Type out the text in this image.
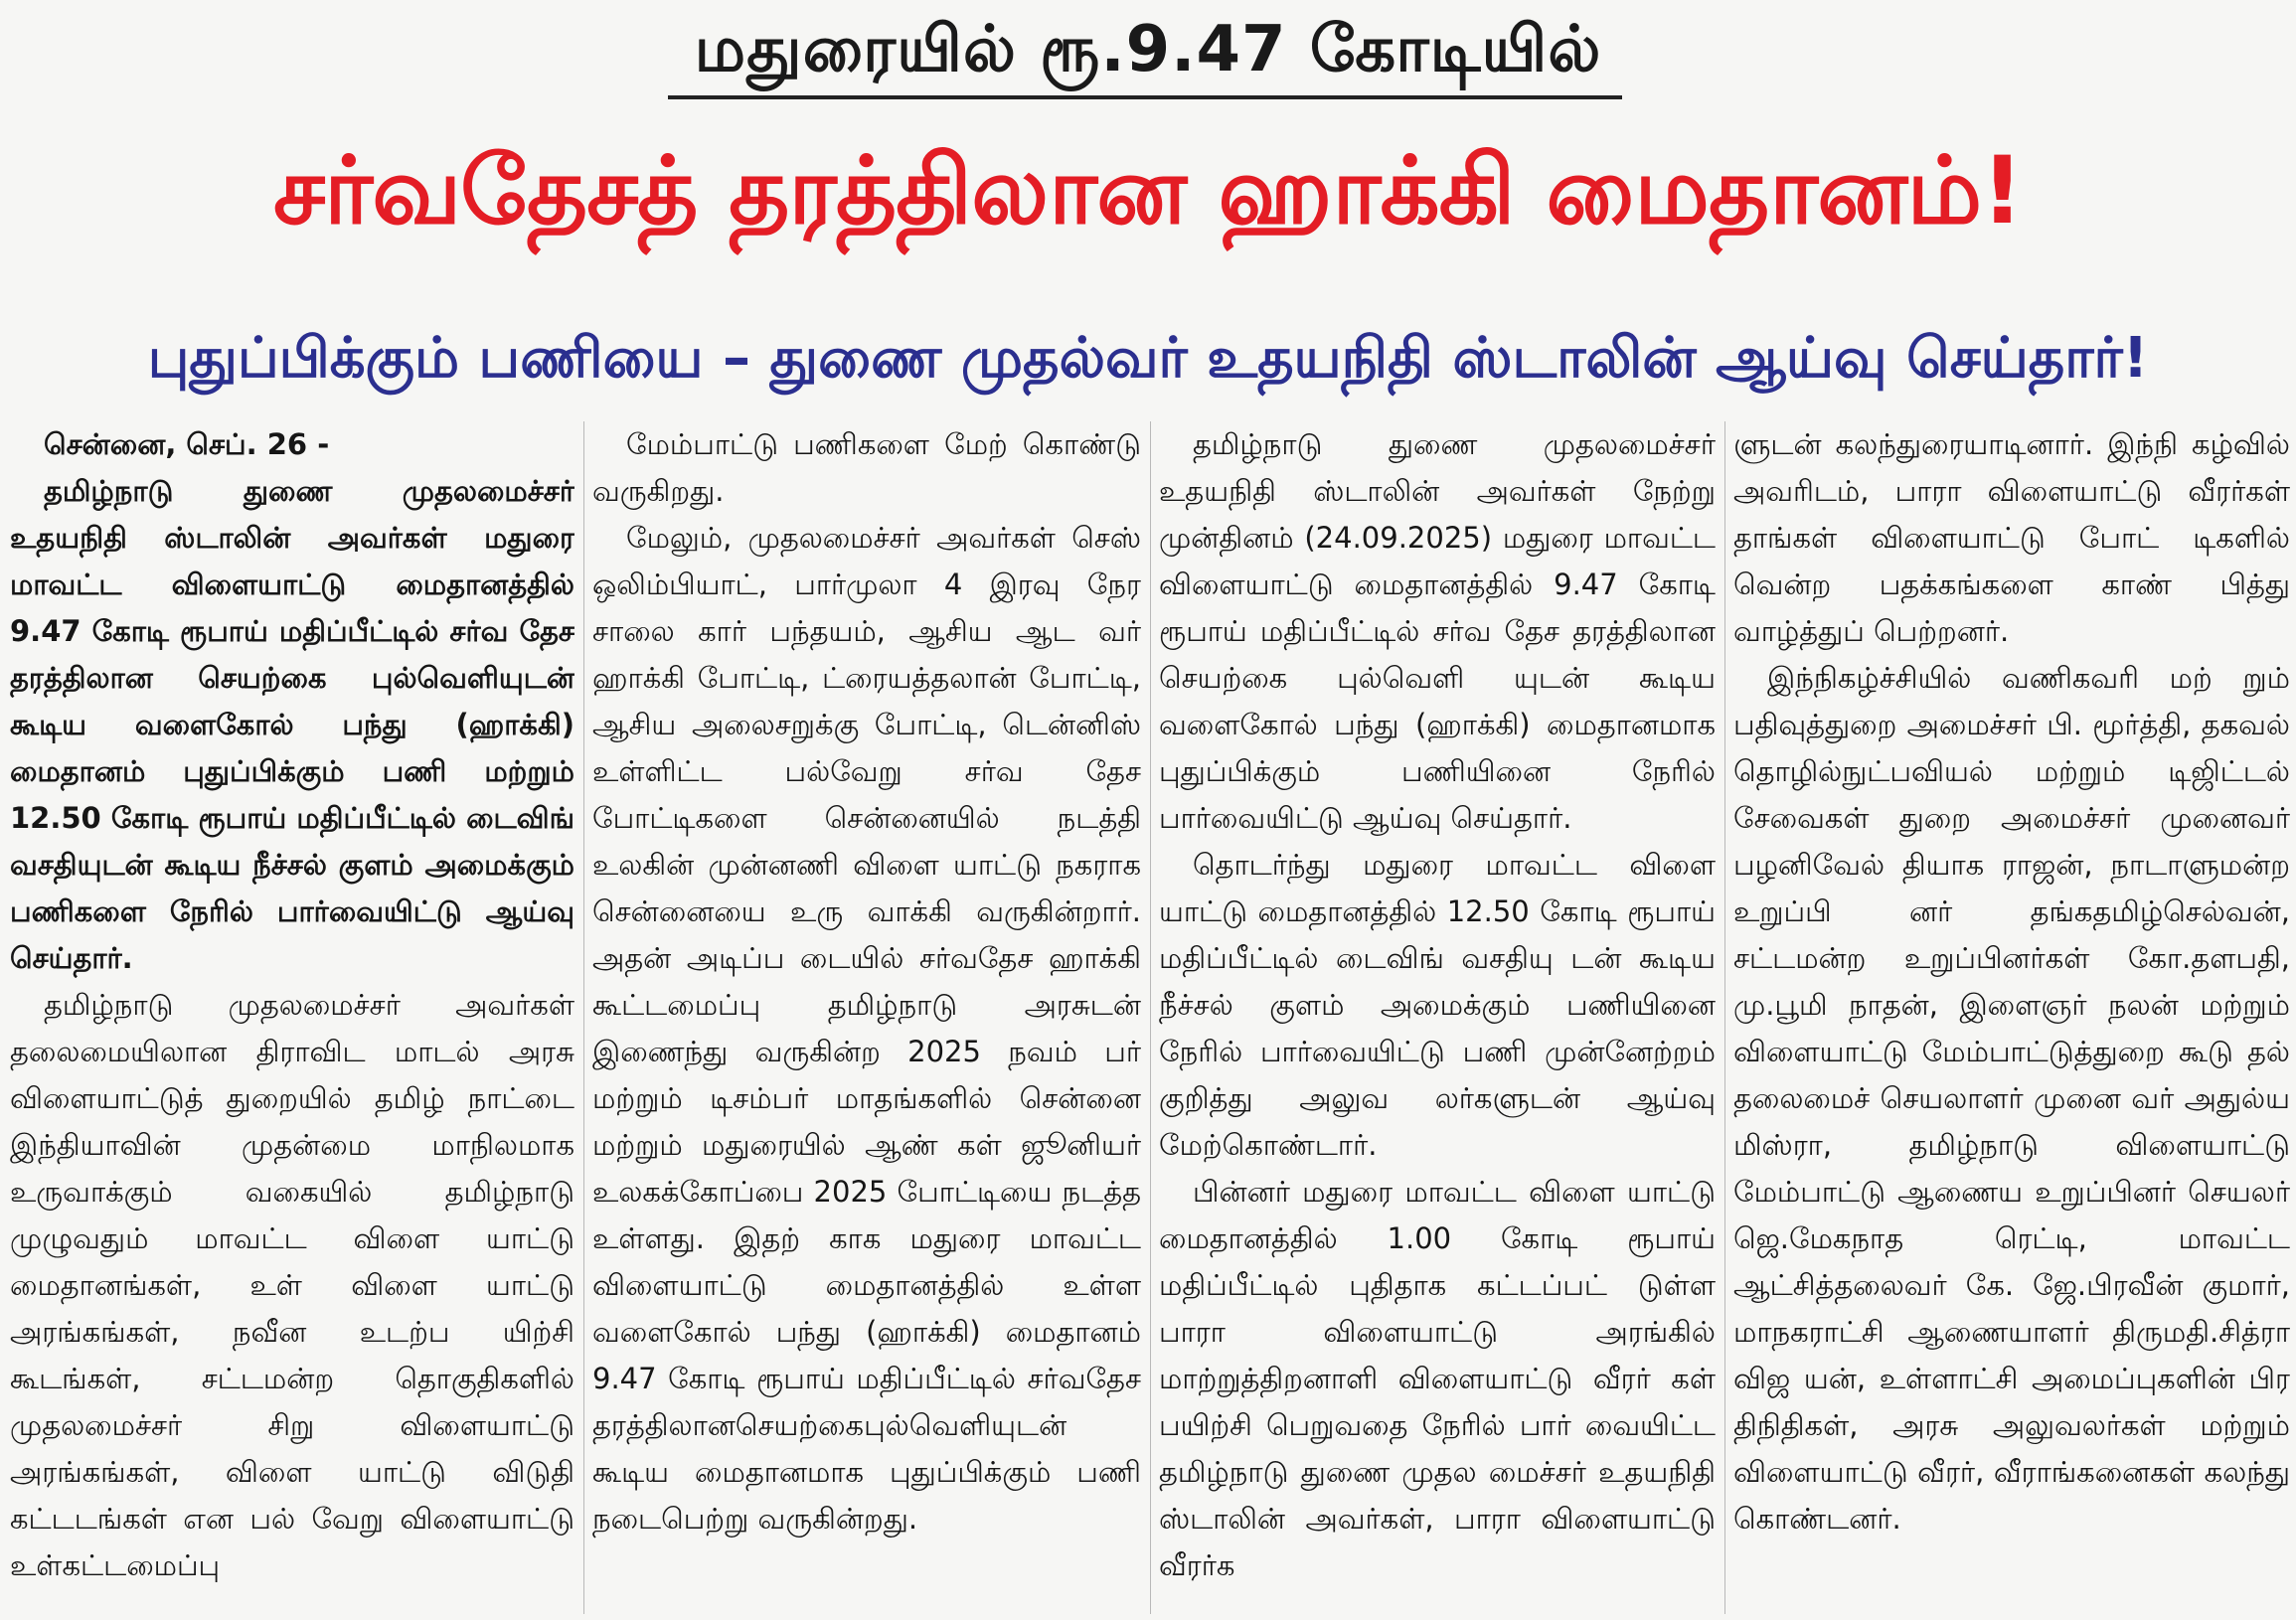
மதுரையில் ரூ.9.47 கோடியில்
சர்வதேசத் தரத்திலான ஹாக்கி மைதானம்!
புதுப்பிக்கும் பணியை – துணை முதல்வர் உதயநிதி ஸ்டாலின் ஆய்வு செய்தார்!

சென்னை, செப். 26 -

தமிழ்நாடு துணை முதலமைச்சர் உதயநிதி ஸ்டாலின் அவர்கள் மதுரை மாவட்ட விளையாட்டு மைதானத்தில் 9.47 கோடி ரூபாய் மதிப்பீட்டில் சர்வ தேச தரத்திலான செயற்கை புல்வெளியுடன் கூடிய வளைகோல் பந்து (ஹாக்கி) மைதானம் புதுப்பிக்கும் பணி மற்றும் 12.50 கோடி ரூபாய் மதிப்பீட்டில் டைவிங் வசதியுடன் கூடிய நீச்சல் குளம் அமைக்கும் பணிகளை நேரில் பார்வையிட்டு ஆய்வு செய்தார்.

தமிழ்நாடு முதலமைச்சர் அவர்கள் தலைமையிலான திராவிட மாடல் அரசு விளையாட்டுத் துறையில் தமிழ் நாட்டை இந்தியாவின் முதன்மை மாநிலமாக உருவாக்கும் வகையில் தமிழ்நாடு முழுவதும் மாவட்ட விளை யாட்டு மைதானங்கள், உள் விளை யாட்டு அரங்கங்கள், நவீன உடற்ப யிற்சி கூடங்கள், சட்டமன்ற தொகுதிகளில் முதலமைச்சர் சிறு விளையாட்டு அரங்கங்கள், விளை யாட்டு விடுதி கட்டடங்கள் என பல் வேறு விளையாட்டு உள்கட்டமைப்பு

மேம்பாட்டு பணிகளை மேற் கொண்டு வருகிறது.

மேலும், முதலமைச்சர் அவர்கள் செஸ் ஒலிம்பியாட், பார்முலா 4 இரவு நேர சாலை கார் பந்தயம், ஆசிய ஆட வர் ஹாக்கி போட்டி, ட்ரையத்தலான் போட்டி, ஆசிய அலைசறுக்கு போட்டி, டென்னிஸ் உள்ளிட்ட பல்வேறு சர்வ தேச போட்டிகளை சென்னையில் நடத்தி உலகின் முன்னணி விளை யாட்டு நகராக சென்னையை உரு வாக்கி வருகின்றார். அதன் அடிப்ப டையில் சர்வதேச ஹாக்கி கூட்டமைப்பு தமிழ்நாடு அரசுடன் இணைந்து வருகின்ற 2025 நவம் பர் மற்றும் டிசம்பர் மாதங்களில் சென்னை மற்றும் மதுரையில் ஆண் கள் ஜூனியர் உலகக்கோப்பை 2025 போட்டியை நடத்த உள்ளது. இதற் காக மதுரை மாவட்ட விளையாட்டு மைதானத்தில் உள்ள வளைகோல் பந்து (ஹாக்கி) மைதானம் 9.47 கோடி ரூபாய் மதிப்பீட்டில் சர்வதேச தரத்திலானசெயற்கைபுல்வெளியுடன் கூடிய மைதானமாக புதுப்பிக்கும் பணி நடைபெற்று வருகின்றது.

தமிழ்நாடு துணை முதலமைச்சர் உதயநிதி ஸ்டாலின் அவர்கள் நேற்று முன்தினம் (24.09.2025) மதுரை மாவட்ட விளையாட்டு மைதானத்தில் 9.47 கோடி ரூபாய் மதிப்பீட்டில் சர்வ தேச தரத்திலான செயற்கை புல்வெளி யுடன் கூடிய வளைகோல் பந்து (ஹாக்கி) மைதானமாக புதுப்பிக்கும் பணியினை நேரில் பார்வையிட்டு ஆய்வு செய்தார்.

தொடர்ந்து மதுரை மாவட்ட விளை யாட்டு மைதானத்தில் 12.50 கோடி ரூபாய் மதிப்பீட்டில் டைவிங் வசதியு டன் கூடிய நீச்சல் குளம் அமைக்கும் பணியினை நேரில் பார்வையிட்டு பணி முன்னேற்றம் குறித்து அலுவ லர்களுடன் ஆய்வு மேற்கொண்டார்.

பின்னர் மதுரை மாவட்ட விளை யாட்டு மைதானத்தில் 1.00 கோடி ரூபாய் மதிப்பீட்டில் புதிதாக கட்டப்பட் டுள்ள பாரா விளையாட்டு அரங்கில் மாற்றுத்திறனாளி விளையாட்டு வீரர் கள் பயிற்சி பெறுவதை நேரில் பார் வையிட்ட தமிழ்நாடு துணை முதல மைச்சர் உதயநிதி ஸ்டாலின் அவர்கள், பாரா விளையாட்டு வீரர்க

ளுடன் கலந்துரையாடினார். இந்நி கழ்வில் அவரிடம், பாரா விளையாட்டு வீரர்கள் தாங்கள் விளையாட்டு போட் டிகளில் வென்ற பதக்கங்களை காண் பித்து வாழ்த்துப் பெற்றனர்.

இந்நிகழ்ச்சியில் வணிகவரி மற் றும் பதிவுத்துறை அமைச்சர் பி. மூர்த்தி, தகவல் தொழில்நுட்பவியல் மற்றும் டிஜிட்டல் சேவைகள் துறை அமைச்சர் முனைவர் பழனிவேல் தியாக ராஜன், நாடாளுமன்ற உறுப்பி னர் தங்கதமிழ்செல்வன், சட்டமன்ற உறுப்பினர்கள் கோ.தளபதி, மு.பூமி நாதன், இளைஞர் நலன் மற்றும் விளையாட்டு மேம்பாட்டுத்துறை கூடு தல் தலைமைச் செயலாளர் முனை வர் அதுல்ய மிஸ்ரா, தமிழ்நாடு விளையாட்டு மேம்பாட்டு ஆணைய உறுப்பினர் செயலர் ஜெ.மேகநாத ரெட்டி, மாவட்ட ஆட்சித்தலைவர் கே. ஜே.பிரவீன் குமார், மாநகராட்சி ஆணையாளர் திருமதி.சித்ரா விஜ யன், உள்ளாட்சி அமைப்புகளின் பிர திநிதிகள், அரசு அலுவலர்கள் மற்றும் விளையாட்டு வீரர், வீராங்கனைகள் கலந்து கொண்டனர்.
